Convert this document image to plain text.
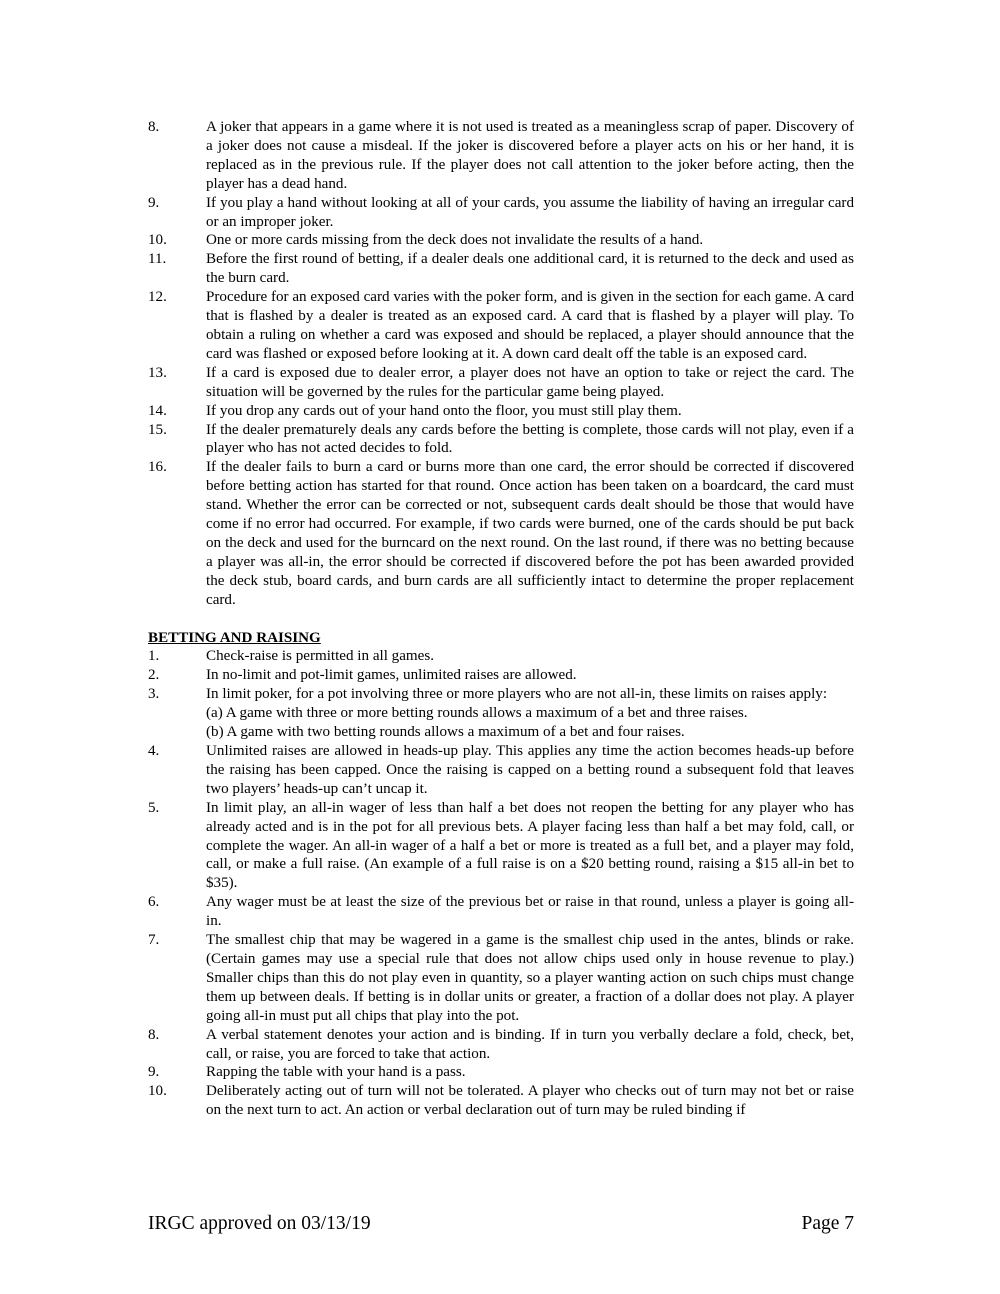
8.	A joker that appears in a game where it is not used is treated as a meaningless scrap of paper. Discovery of a joker does not cause a misdeal. If the joker is discovered before a player acts on his or her hand, it is replaced as in the previous rule. If the player does not call attention to the joker before acting, then the player has a dead hand.

9.	If you play a hand without looking at all of your cards, you assume the liability of having an irregular card or an improper joker.

10.	One or more cards missing from the deck does not invalidate the results of a hand.

11.	Before the first round of betting, if a dealer deals one additional card, it is returned to the deck and used as the burn card.

12.	Procedure for an exposed card varies with the poker form, and is given in the section for each game. A card that is flashed by a dealer is treated as an exposed card. A card that is flashed by a player will play. To obtain a ruling on whether a card was exposed and should be replaced, a player should announce that the card was flashed or exposed before looking at it. A down card dealt off the table is an exposed card.

13.	If a card is exposed due to dealer error, a player does not have an option to take or reject the card. The situation will be governed by the rules for the particular game being played.

14.	If you drop any cards out of your hand onto the floor, you must still play them.

15.	If the dealer prematurely deals any cards before the betting is complete, those cards will not play, even if a player who has not acted decides to fold.

16.	If the dealer fails to burn a card or burns more than one card, the error should be corrected if discovered before betting action has started for that round. Once action has been taken on a boardcard, the card must stand. Whether the error can be corrected or not, subsequent cards dealt should be those that would have come if no error had occurred. For example, if two cards were burned, one of the cards should be put back on the deck and used for the burncard on the next round. On the last round, if there was no betting because a player was all-in, the error should be corrected if discovered before the pot has been awarded provided the deck stub, board cards, and burn cards are all sufficiently intact to determine the proper replacement card.

BETTING AND RAISING
1.	Check-raise is permitted in all games.

2.	In no-limit and pot-limit games, unlimited raises are allowed.

3.	In limit poker, for a pot involving three or more players who are not all-in, these limits on raises apply:

(a) A game with three or more betting rounds allows a maximum of a bet and three raises.

(b) A game with two betting rounds allows a maximum of a bet and four raises.

4.	Unlimited raises are allowed in heads-up play. This applies any time the action becomes heads-up before the raising has been capped. Once the raising is capped on a betting round a subsequent fold that leaves two players’ heads-up can’t uncap it.

5.	In limit play, an all-in wager of less than half a bet does not reopen the betting for any player who has already acted and is in the pot for all previous bets. A player facing less than half a bet may fold, call, or complete the wager. An all-in wager of a half a bet or more is treated as a full bet, and a player may fold, call, or make a full raise. (An example of a full raise is on a $20 betting round, raising a $15 all-in bet to $35).

6.	Any wager must be at least the size of the previous bet or raise in that round, unless a player is going all-in.

7.	The smallest chip that may be wagered in a game is the smallest chip used in the antes, blinds or rake. (Certain games may use a special rule that does not allow chips used only in house revenue to play.) Smaller chips than this do not play even in quantity, so a player wanting action on such chips must change them up between deals. If betting is in dollar units or greater, a fraction of a dollar does not play. A player going all-in must put all chips that play into the pot.

8.	A verbal statement denotes your action and is binding. If in turn you verbally declare a fold, check, bet, call, or raise, you are forced to take that action.

9.	Rapping the table with your hand is a pass.

10.	Deliberately acting out of turn will not be tolerated. A player who checks out of turn may not bet or raise on the next turn to act. An action or verbal declaration out of turn may be ruled binding if

IRGC approved on 03/13/19	Page 7
